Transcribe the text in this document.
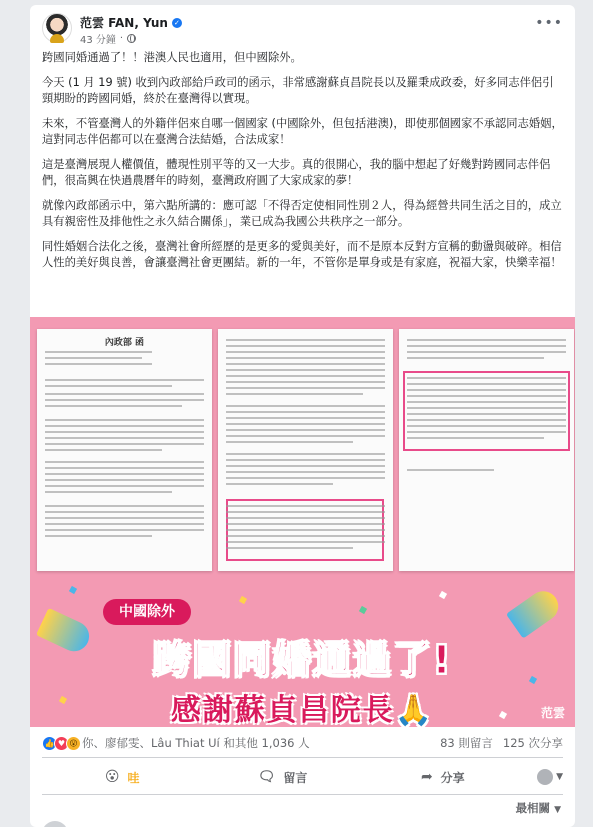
范雲 FAN, Yun ✓
43 分鐘 ·
•••

跨國同婚通過了！！港澳人民也適用，但中國除外。

今天 (1 月 19 號) 收到內政部給戶政司的函示，非常感謝蘇貞昌院長以及羅秉成政委，好多同志伴侶引頸期盼的跨國同婚，終於在臺灣得以實現。

未來，不管臺灣人的外籍伴侶來自哪一個國家 (中國除外，但包括港澳)，即使那個國家不承認同志婚姻，這對同志伴侶都可以在臺灣合法結婚，合法成家！

這是臺灣展現人權價值，體現性別平等的又一大步。真的很開心，我的腦中想起了好幾對跨國同志伴侶們，很高興在快過農曆年的時刻，臺灣政府圓了大家成家的夢！

就像內政部函示中，第六點所講的：應可認「不得否定使相同性別２人，得為經營共同生活之目的，成立具有親密性及排他性之永久結合關係」，業已成為我國公共秩序之一部分。

同性婚姻合法化之後，臺灣社會所經歷的是更多的愛與美好，而不是原本反對方宣稱的動盪與破碎。相信人性的美好與良善，會讓臺灣社會更團結。新的一年，不管你是單身或是有家庭，祝福大家，快樂幸福！

內政部 函
中國除外
跨國同婚通過了!
感謝蘇貞昌院長🙏	范雲
👍 ♥ 😮 你、廖郁雯、Lâu Thiat Uí 和其他 1,036 人	83 則留言 125 次分享
😮 哇	🗨 留言	➦ 分享	▼
最相關 ▼
